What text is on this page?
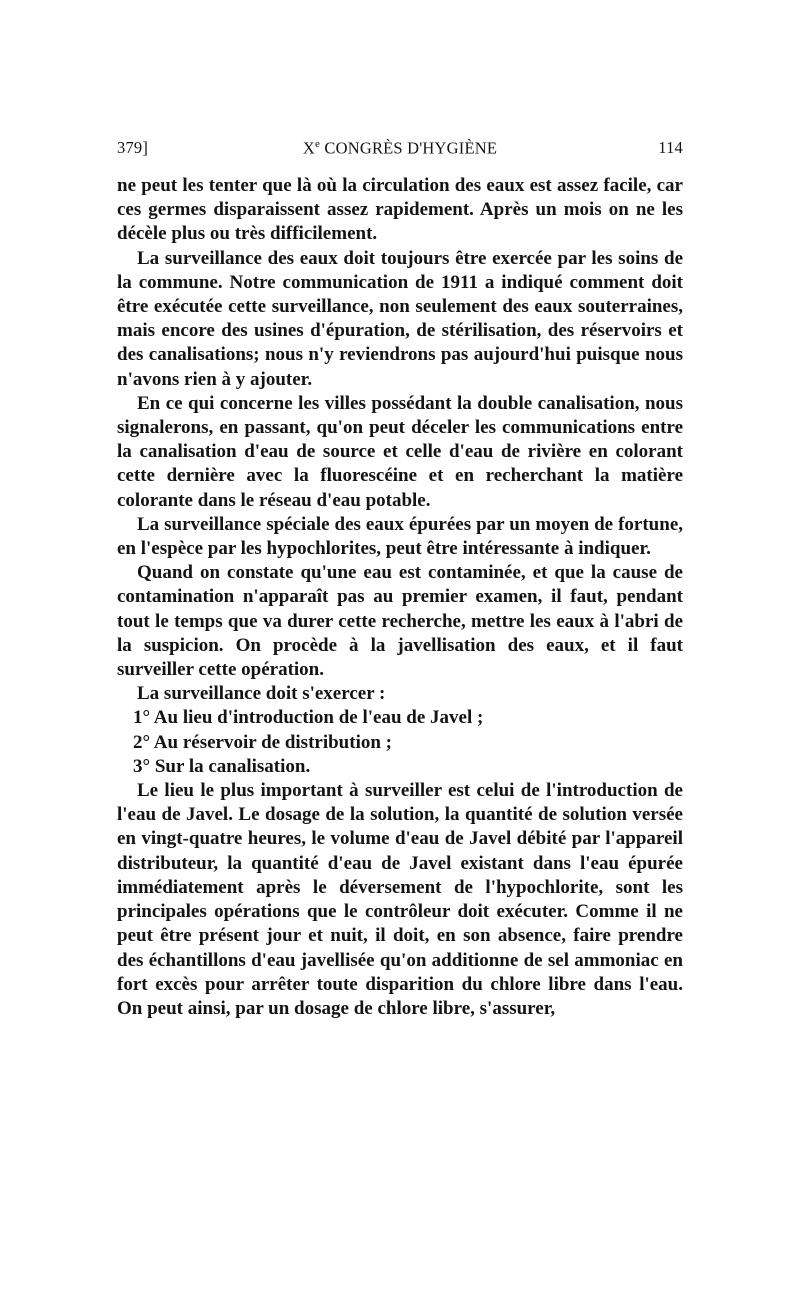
379]	Xe CONGRÈS D'HYGIÈNE	114

ne peut les tenter que là où la circulation des eaux est assez facile, car ces germes disparaissent assez rapidement. Après un mois on ne les décèle plus ou très difficilement.

La surveillance des eaux doit toujours être exercée par les soins de la commune. Notre communication de 1911 a indiqué comment doit être exécutée cette surveillance, non seulement des eaux souterraines, mais encore des usines d'épuration, de stérilisation, des réservoirs et des canalisations; nous n'y reviendrons pas aujourd'hui puisque nous n'avons rien à y ajouter.

En ce qui concerne les villes possédant la double canalisation, nous signalerons, en passant, qu'on peut déceler les communications entre la canalisation d'eau de source et celle d'eau de rivière en colorant cette dernière avec la fluorescéine et en recherchant la matière colorante dans le réseau d'eau potable.

La surveillance spéciale des eaux épurées par un moyen de fortune, en l'espèce par les hypochlorites, peut être intéressante à indiquer.

Quand on constate qu'une eau est contaminée, et que la cause de contamination n'apparaît pas au premier examen, il faut, pendant tout le temps que va durer cette recherche, mettre les eaux à l'abri de la suspicion. On procède à la javellisation des eaux, et il faut surveiller cette opération.

La surveillance doit s'exercer :

1° Au lieu d'introduction de l'eau de Javel ;

2° Au réservoir de distribution ;

3° Sur la canalisation.

Le lieu le plus important à surveiller est celui de l'introduction de l'eau de Javel. Le dosage de la solution, la quantité de solution versée en vingt-quatre heures, le volume d'eau de Javel débité par l'appareil distributeur, la quantité d'eau de Javel existant dans l'eau épurée immédiatement après le déversement de l'hypochlorite, sont les principales opérations que le contrôleur doit exécuter. Comme il ne peut être présent jour et nuit, il doit, en son absence, faire prendre des échantillons d'eau javellisée qu'on additionne de sel ammoniac en fort excès pour arrêter toute disparition du chlore libre dans l'eau. On peut ainsi, par un dosage de chlore libre, s'assurer,
